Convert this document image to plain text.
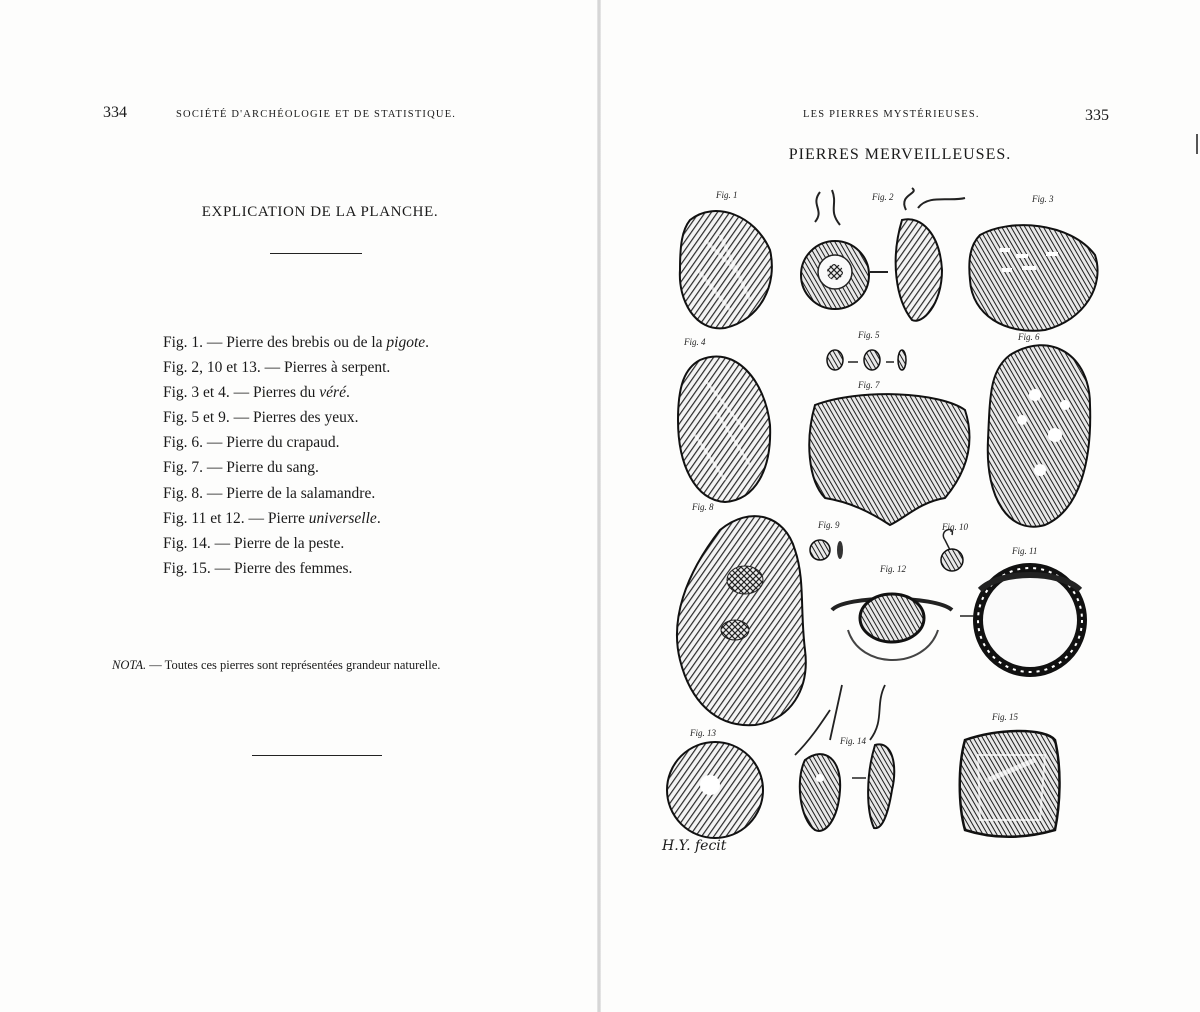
334	SOCIÉTÉ D'ARCHÉOLOGIE ET DE STATISTIQUE.
EXPLICATION DE LA PLANCHE.
Fig. 1. — Pierre des brebis ou de la pigote.
Fig. 2, 10 et 13. — Pierres à serpent.
Fig. 3 et 4. — Pierres du véré.
Fig. 5 et 9. — Pierres des yeux.
Fig. 6. — Pierre du crapaud.
Fig. 7. — Pierre du sang.
Fig. 8. — Pierre de la salamandre.
Fig. 11 et 12. — Pierre universelle.
Fig. 14. — Pierre de la peste.
Fig. 15. — Pierre des femmes.
NOTA. — Toutes ces pierres sont représentées grandeur naturelle.
LES PIERRES MYSTÉRIEUSES.	335
PIERRES MERVEILLEUSES.
Fig. 1	Fig. 2	Fig. 3
Fig. 4
Fig. 5	Fig. 6
Fig. 7
Fig. 8
Fig. 9	Fig. 10
Fig. 11
Fig. 12
Fig. 13
Fig. 14
Fig. 15
H.Y. fecit
